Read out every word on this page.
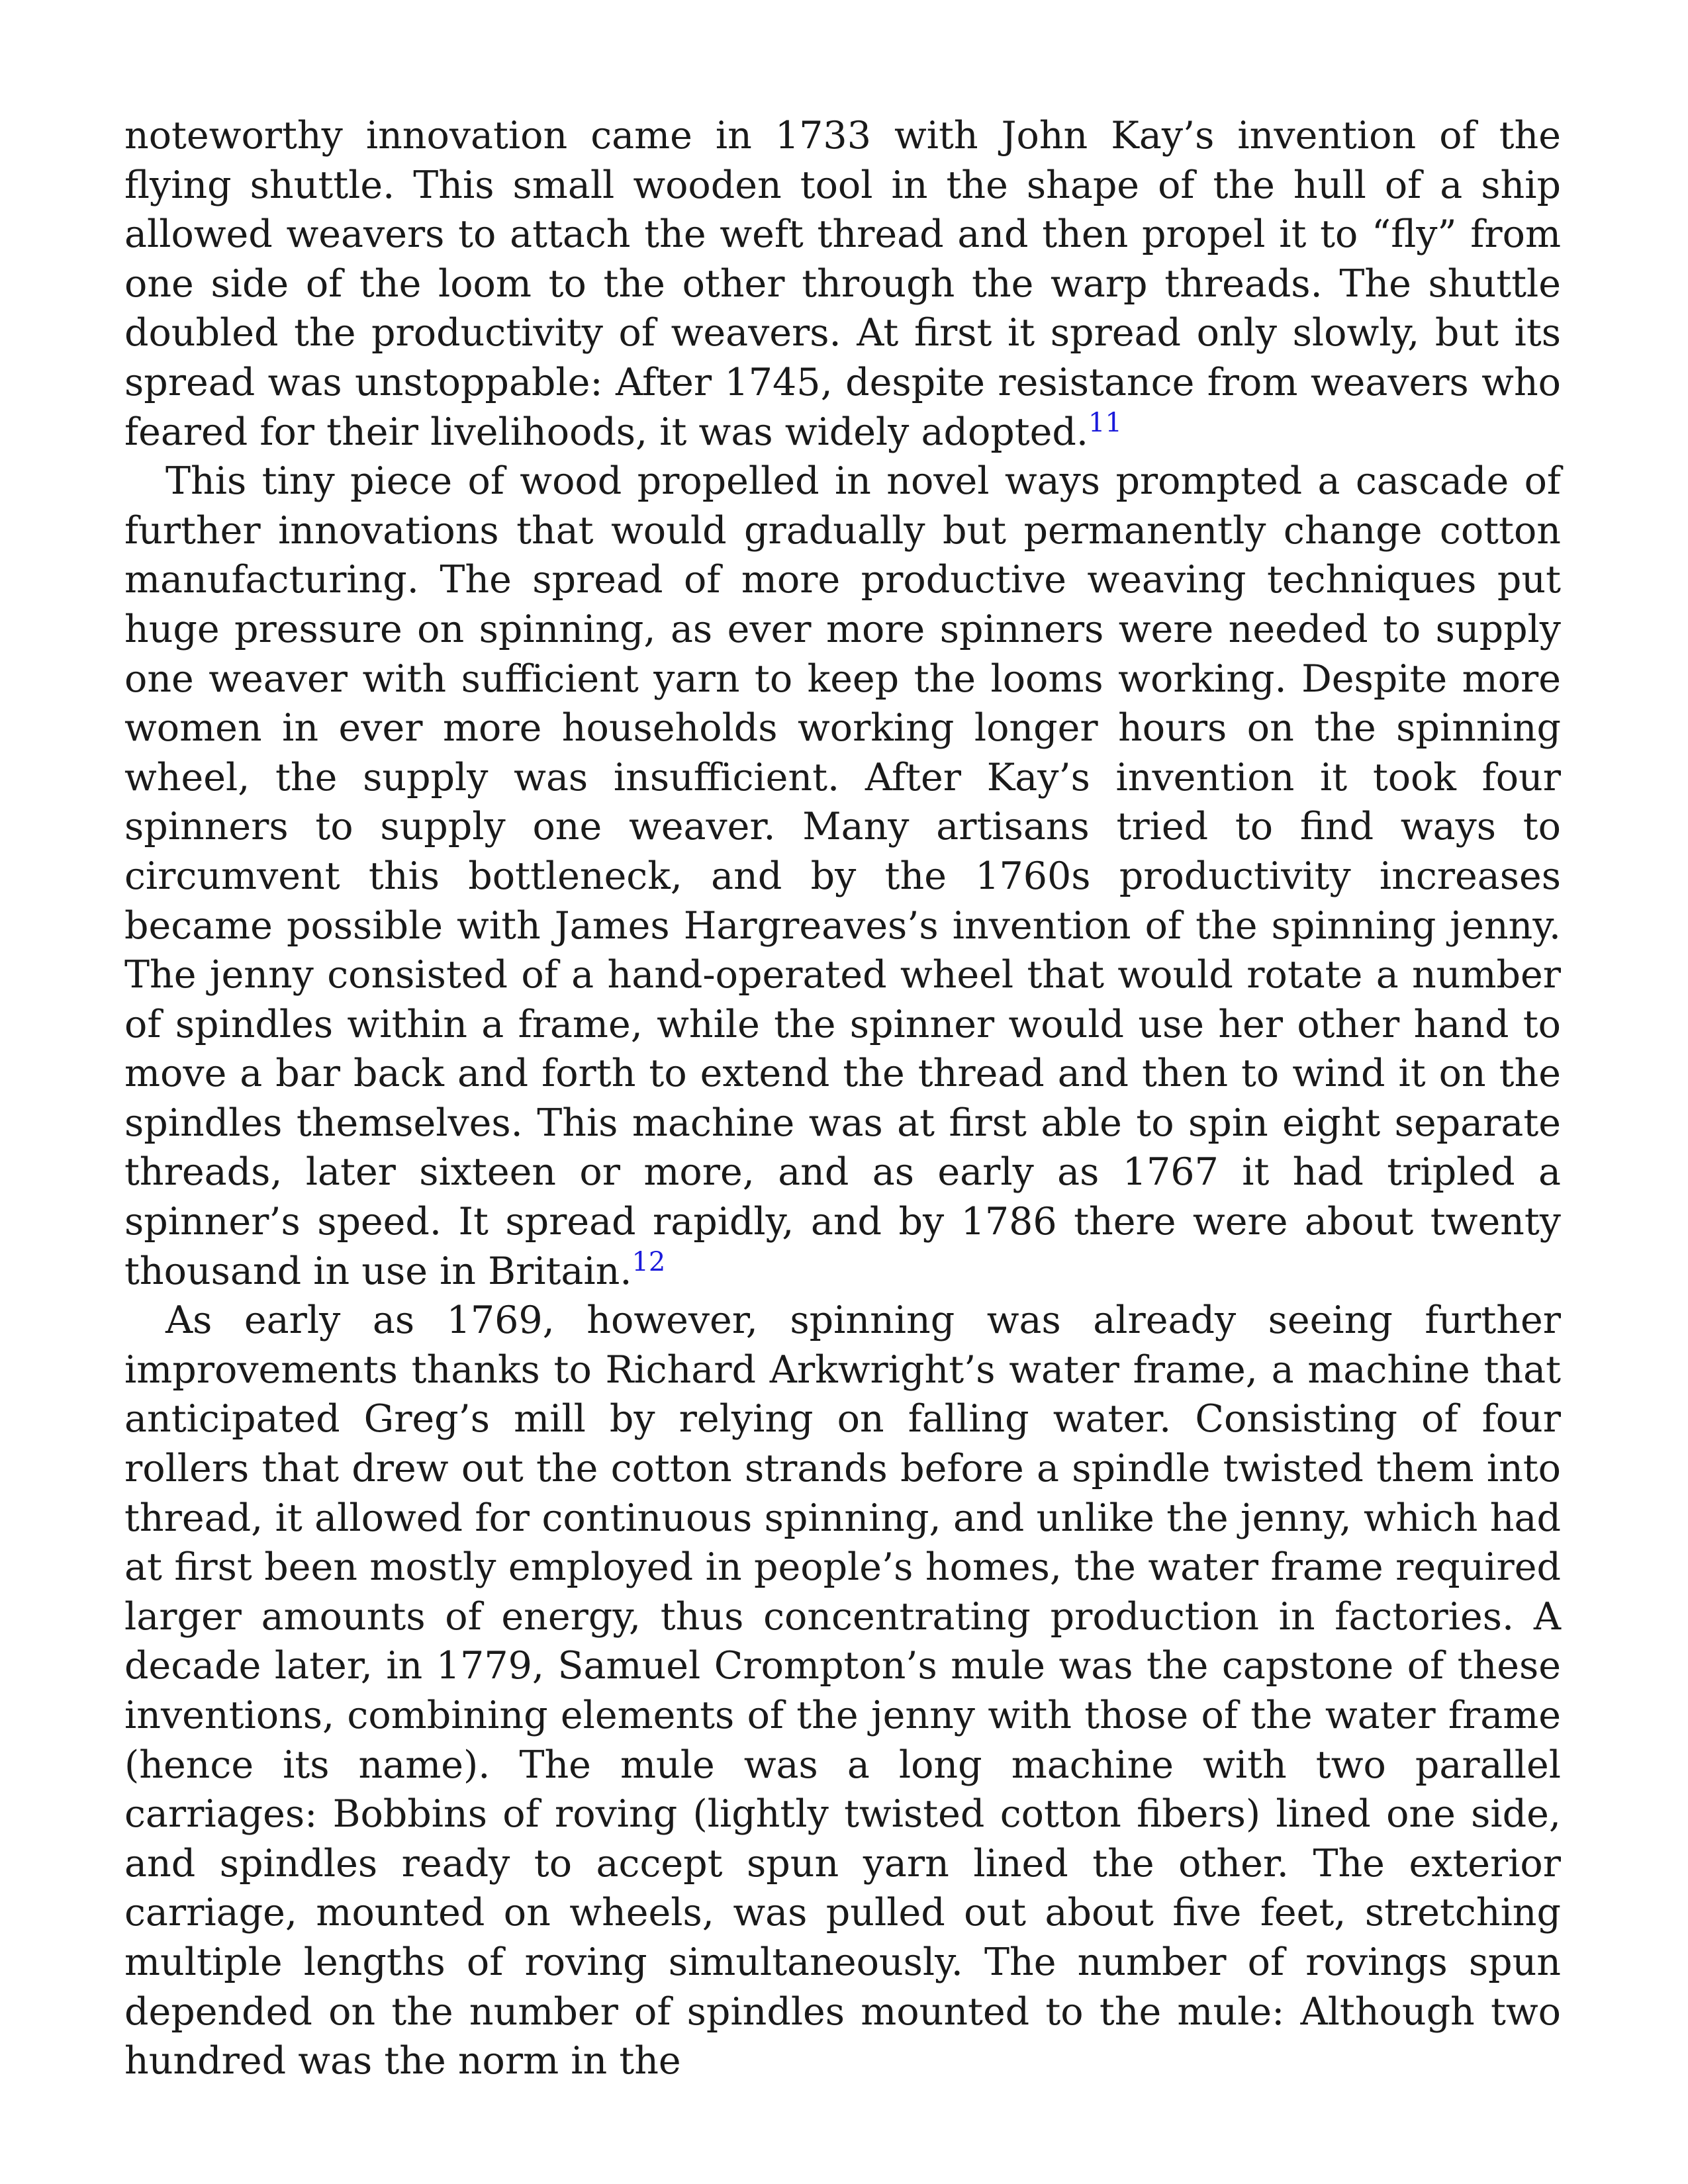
noteworthy innovation came in 1733 with John Kay’s invention of the flying shuttle. This small wooden tool in the shape of the hull of a ship allowed weavers to attach the weft thread and then propel it to “fly” from one side of the loom to the other through the warp threads. The shuttle doubled the productivity of weavers. At first it spread only slowly, but its spread was unstoppable: After 1745, despite resistance from weavers who feared for their livelihoods, it was widely adopted.$^{11}$

This tiny piece of wood propelled in novel ways prompted a cascade of further innovations that would gradually but permanently change cotton manufacturing. The spread of more productive weaving techniques put huge pressure on spinning, as ever more spinners were needed to supply one weaver with sufficient yarn to keep the looms working. Despite more women in ever more households working longer hours on the spinning wheel, the supply was insufficient. After Kay’s invention it took four spinners to supply one weaver. Many artisans tried to find ways to circumvent this bottleneck, and by the 1760s productivity increases became possible with James Hargreaves’s invention of the spinning jenny. The jenny consisted of a hand-operated wheel that would rotate a number of spindles within a frame, while the spinner would use her other hand to move a bar back and forth to extend the thread and then to wind it on the spindles themselves. This machine was at first able to spin eight separate threads, later sixteen or more, and as early as 1767 it had tripled a spinner’s speed. It spread rapidly, and by 1786 there were about twenty thousand in use in Britain.$^{12}$

As early as 1769, however, spinning was already seeing further improvements thanks to Richard Arkwright’s water frame, a machine that anticipated Greg’s mill by relying on falling water. Consisting of four rollers that drew out the cotton strands before a spindle twisted them into thread, it allowed for continuous spinning, and unlike the jenny, which had at first been mostly employed in people’s homes, the water frame required larger amounts of energy, thus concentrating production in factories. A decade later, in 1779, Samuel Crompton’s mule was the capstone of these inventions, combining elements of the jenny with those of the water frame (hence its name). The mule was a long machine with two parallel carriages: Bobbins of roving (lightly twisted cotton fibers) lined one side, and spindles ready to accept spun yarn lined the other. The exterior carriage, mounted on wheels, was pulled out about five feet, stretching multiple lengths of roving simultaneously. The number of rovings spun depended on the number of spindles mounted to the mule: Although two hundred was the norm in the
